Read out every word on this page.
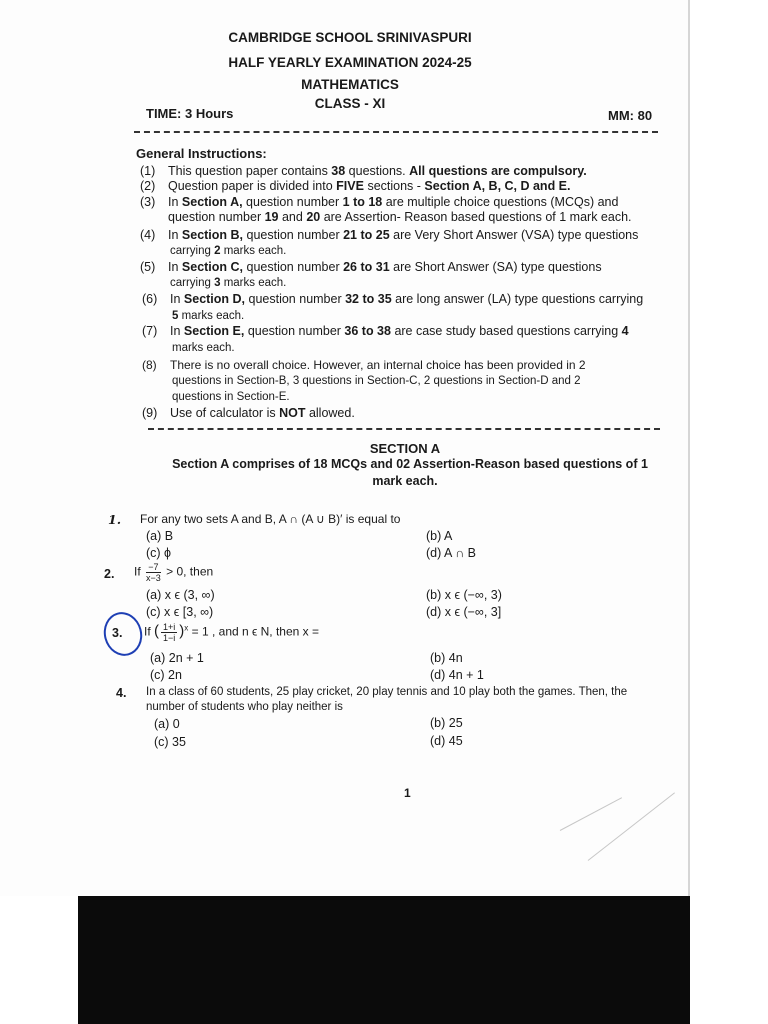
CAMBRIDGE SCHOOL SRINIVASPURI
HALF YEARLY EXAMINATION 2024-25
MATHEMATICS
CLASS - XI
TIME: 3 Hours	MM: 80
General Instructions:
(1) This question paper contains 38 questions. All questions are compulsory.
(2) Question paper is divided into FIVE sections - Section A, B, C, D and E.
(3) In Section A, question number 1 to 18 are multiple choice questions (MCQs) and
question number 19 and 20 are Assertion- Reason based questions of 1 mark each.
(4) In Section B, question number 21 to 25 are Very Short Answer (VSA) type questions
carrying 2 marks each.
(5) In Section C, question number 26 to 31 are Short Answer (SA) type questions
carrying 3 marks each.
(6) In Section D, question number 32 to 35 are long answer (LA) type questions carrying
5 marks each.
(7) In Section E, question number 36 to 38 are case study based questions carrying 4
marks each.
(8) There is no overall choice. However, an internal choice has been provided in 2
questions in Section-B, 3 questions in Section-C, 2 questions in Section-D and 2
questions in Section-E.
(9) Use of calculator is NOT allowed.
SECTION A
Section A comprises of 18 MCQs and 02 Assertion-Reason based questions of 1
mark each.
1. For any two sets A and B, A ∩ (A ∪ B)′ is equal to
(a) B	(b) A
(c) ϕ	(d) A ∩ B
2. If $\frac{-7}{x-3} > 0$, then
(a) x ϵ (3, ∞)	(b) x ϵ (−∞, 3)
(c) x ϵ [3, ∞)	(d) x ϵ (−∞, 3]
3. If ( $\frac{1+i}{1-i} )^x = 1$ , and n ϵ N, then x =
(a) 2n + 1	(b) 4n
(c) 2n	(d) 4n + 1
4. In a class of 60 students, 25 play cricket, 20 play tennis and 10 play both the games. Then, the
number of students who play neither is
(a) 0	(b) 25
(c) 35	(d) 45
1
